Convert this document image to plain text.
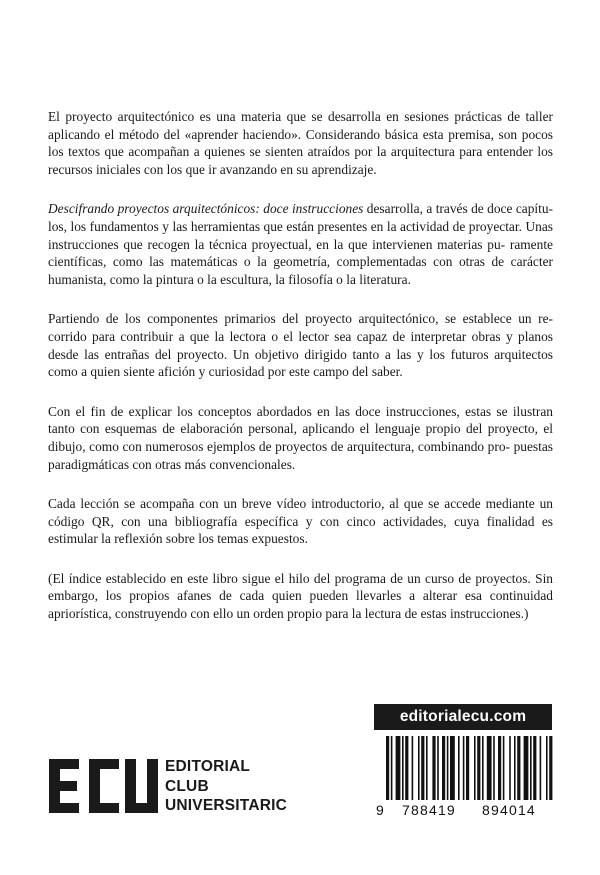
El proyecto arquitectónico es una materia que se desarrolla en sesiones prácticas de taller aplicando el método del «aprender haciendo». Considerando básica esta premisa, son pocos los textos que acompañan a quienes se sienten atraídos por la arquitectura para entender los recursos iniciales con los que ir avanzando en su aprendizaje.

Descifrando proyectos arquitectónicos: doce instrucciones desarrolla, a través de doce capítu- los, los fundamentos y las herramientas que están presentes en la actividad de proyectar. Unas instrucciones que recogen la técnica proyectual, en la que intervienen materias pu- ramente científicas, como las matemáticas o la geometría, complementadas con otras de carácter humanista, como la pintura o la escultura, la filosofía o la literatura.

Partiendo de los componentes primarios del proyecto arquitectónico, se establece un re- corrido para contribuir a que la lectora o el lector sea capaz de interpretar obras y planos desde las entrañas del proyecto. Un objetivo dirigido tanto a las y los futuros arquitectos como a quien siente afición y curiosidad por este campo del saber.

Con el fin de explicar los conceptos abordados en las doce instrucciones, estas se ilustran tanto con esquemas de elaboración personal, aplicando el lenguaje propio del proyecto, el dibujo, como con numerosos ejemplos de proyectos de arquitectura, combinando pro- puestas paradigmáticas con otras más convencionales.

Cada lección se acompaña con un breve vídeo introductorio, al que se accede mediante un código QR, con una bibliografía específica y con cinco actividades, cuya finalidad es estimular la reflexión sobre los temas expuestos.

(El índice establecido en este libro sigue el hilo del programa de un curso de proyectos. Sin embargo, los propios afanes de cada quien pueden llevarles a alterar esa continuidad apriorística, construyendo con ello un orden propio para la lectura de estas instrucciones.)

editorialecu.com
9 788419 894014
EDITORIAL
CLUB
UNIVERSITARIC
